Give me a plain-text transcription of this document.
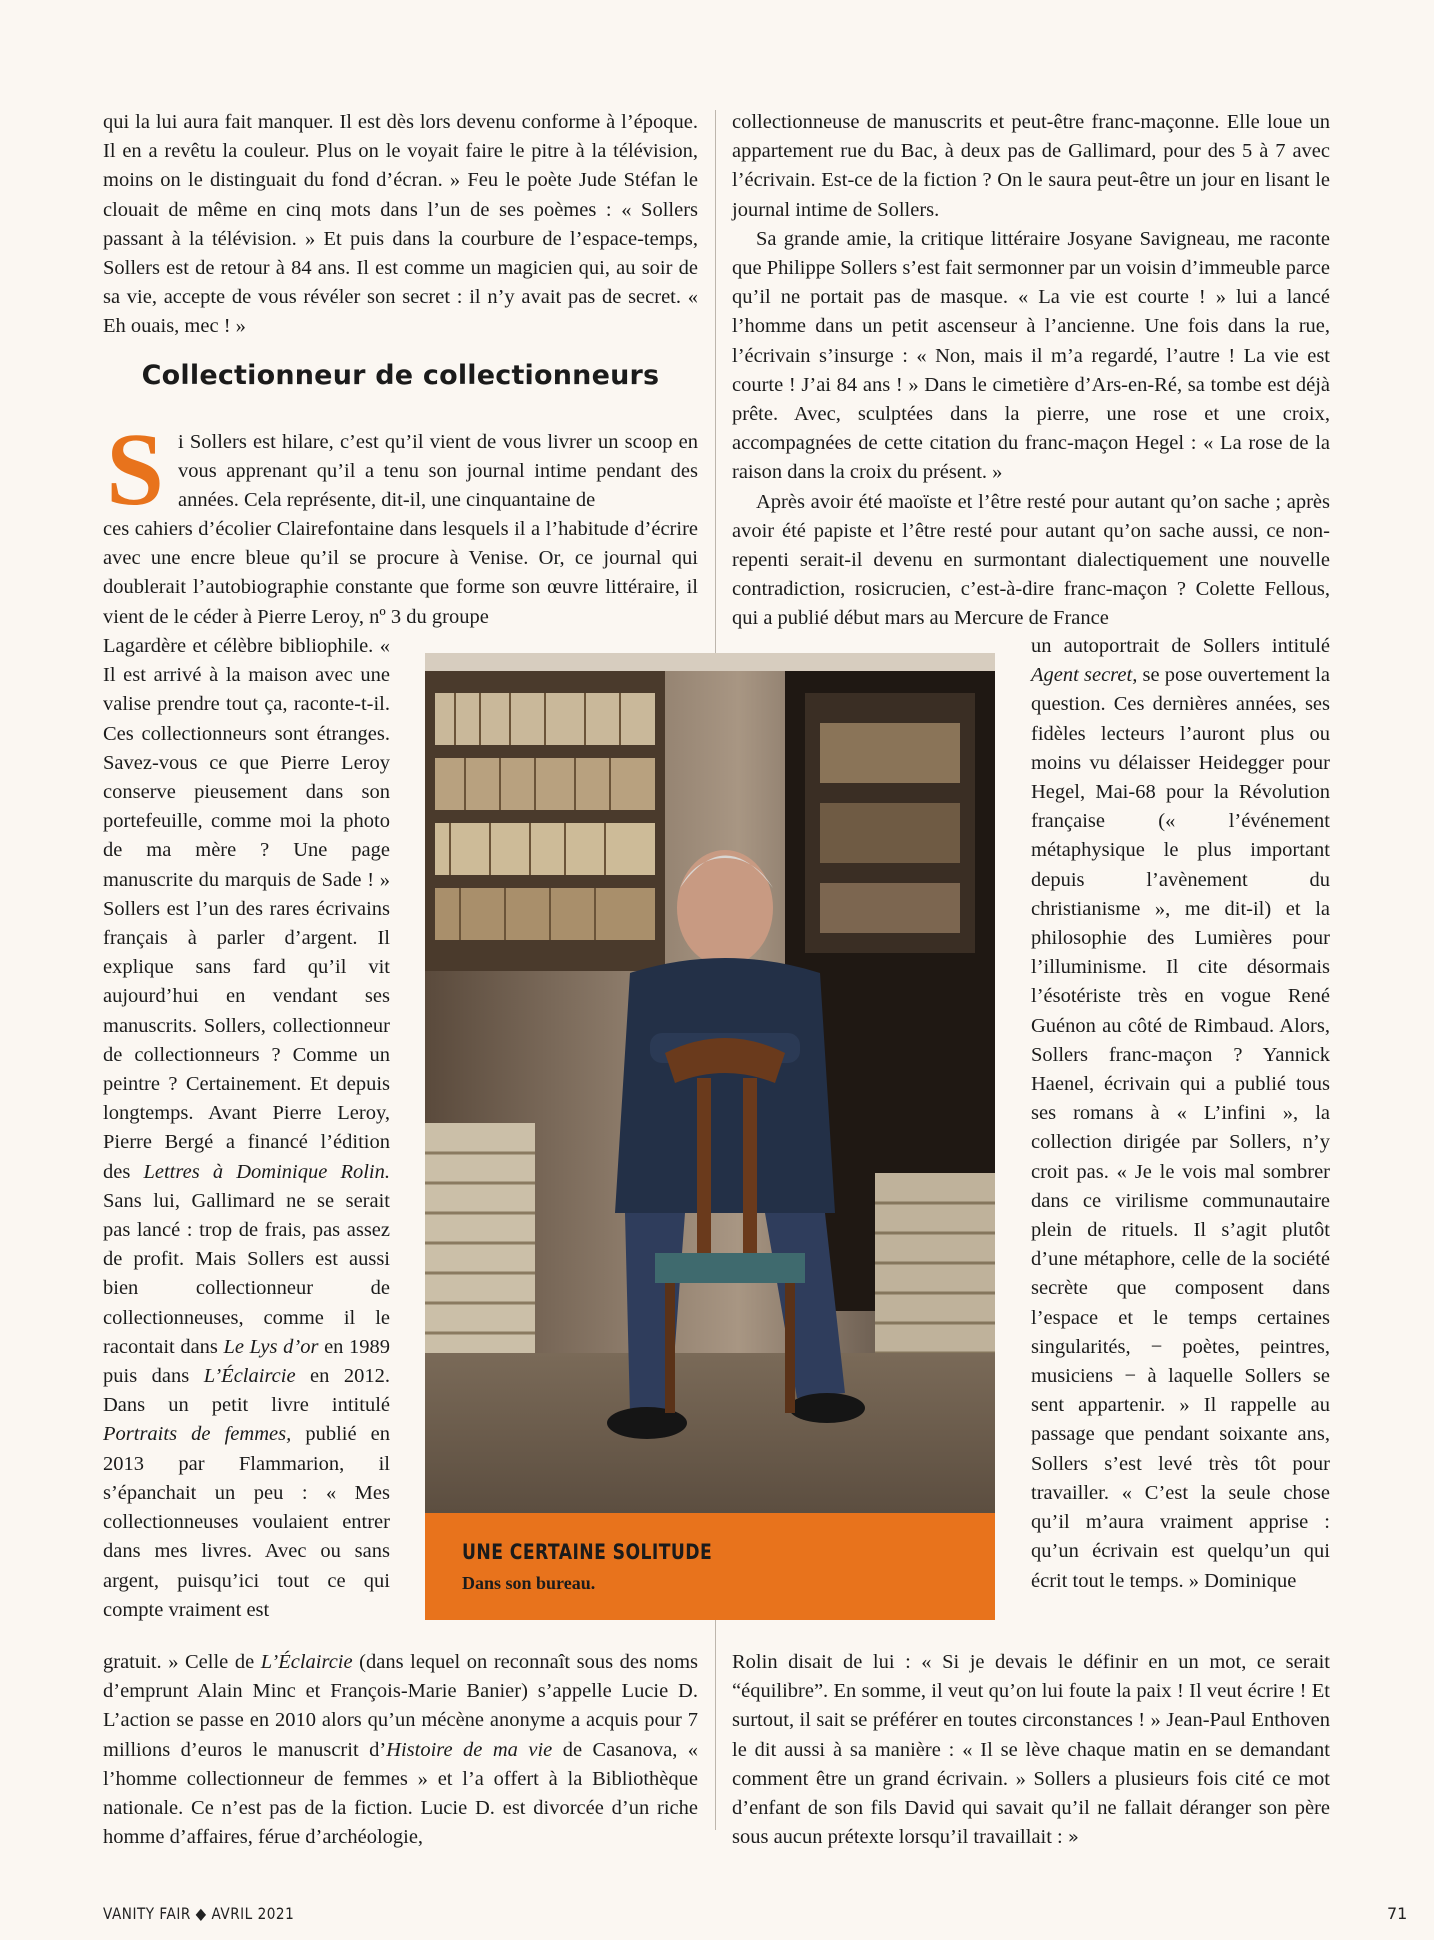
qui la lui aura fait manquer. Il est dès lors devenu conforme à l’époque. Il en a revêtu la couleur. Plus on le voyait faire le pitre à la télévision, moins on le distinguait du fond d’écran. » Feu le poète Jude Stéfan le clouait de même en cinq mots dans l’un de ses poèmes : « Sollers passant à la télévision. » Et puis dans la courbure de l’espace-temps, Sollers est de retour à 84 ans. Il est comme un magicien qui, au soir de sa vie, accepte de vous révéler son secret : il n’y avait pas de secret. « Eh ouais, mec ! »

Collectionneur de collectionneurs
S i Sollers est hilare, c’est qu’il vient de vous livrer un scoop en vous apprenant qu’il a tenu son journal intime pendant des années. Cela représente, dit-il, une cinquantaine de

ces cahiers d’écolier Clairefontaine dans lesquels il a l’habitude d’écrire avec une encre bleue qu’il se procure à Venise. Or, ce journal qui doublerait l’autobiographie constante que forme son œuvre littéraire, il vient de le céder à Pierre Leroy, nº 3 du groupe

Lagardère et célèbre bibliophile. « Il est arrivé à la maison avec une valise prendre tout ça, raconte-t-il. Ces collectionneurs sont étranges. Savez-vous ce que Pierre Leroy conserve pieusement dans son portefeuille, comme moi la photo de ma mère ? Une page manuscrite du marquis de Sade ! » Sollers est l’un des rares écrivains français à parler d’argent. Il explique sans fard qu’il vit aujourd’hui en vendant ses manuscrits. Sollers, collectionneur de collectionneurs ? Comme un peintre ? Certainement. Et depuis longtemps. Avant Pierre Leroy, Pierre Bergé a financé l’édition des Lettres à Dominique Rolin. Sans lui, Gallimard ne se serait pas lancé : trop de frais, pas assez de profit. Mais Sollers est aussi bien collectionneur de collectionneuses, comme il le racontait dans Le Lys d’or en 1989 puis dans L’Éclaircie en 2012. Dans un petit livre intitulé Portraits de femmes, publié en 2013 par Flammarion, il s’épanchait un peu : « Mes collectionneuses voulaient entrer dans mes livres. Avec ou sans argent, puisqu’ici tout ce qui compte vraiment est

gratuit. » Celle de L’Éclaircie (dans lequel on reconnaît sous des noms d’emprunt Alain Minc et François-Marie Banier) s’appelle Lucie D. L’action se passe en 2010 alors qu’un mécène anonyme a acquis pour 7 millions d’euros le manuscrit d’Histoire de ma vie de Casanova, « l’homme collectionneur de femmes » et l’a offert à la Bibliothèque nationale. Ce n’est pas de la fiction. Lucie D. est divorcée d’un riche homme d’affaires, férue d’archéologie,

collectionneuse de manuscrits et peut-être franc-maçonne. Elle loue un appartement rue du Bac, à deux pas de Gallimard, pour des 5 à 7 avec l’écrivain. Est-ce de la fiction ? On le saura peut-être un jour en lisant le journal intime de Sollers.

Sa grande amie, la critique littéraire Josyane Savigneau, me raconte que Philippe Sollers s’est fait sermonner par un voisin d’immeuble parce qu’il ne portait pas de masque. « La vie est courte ! » lui a lancé l’homme dans un petit ascenseur à l’ancienne. Une fois dans la rue, l’écrivain s’insurge : « Non, mais il m’a regardé, l’autre ! La vie est courte ! J’ai 84 ans ! » Dans le cimetière d’Ars-en-Ré, sa tombe est déjà prête. Avec, sculptées dans la pierre, une rose et une croix, accompagnées de cette citation du franc-maçon Hegel : « La rose de la raison dans la croix du présent. »

Après avoir été maoïste et l’être resté pour autant qu’on sache ; après avoir été papiste et l’être resté pour autant qu’on sache aussi, ce non-repenti serait-il devenu en surmontant dialectiquement une nouvelle contradiction, rosicrucien, c’est-à-dire franc-maçon ? Colette Fellous, qui a publié début mars au Mercure de France

un autoportrait de Sollers intitulé Agent secret, se pose ouvertement la question. Ces dernières années, ses fidèles lecteurs l’auront plus ou moins vu délaisser Heidegger pour Hegel, Mai-68 pour la Révolution française (« l’événement métaphysique le plus important depuis l’avènement du christianisme », me dit-il) et la philosophie des Lumières pour l’illuminisme. Il cite désormais l’ésotériste très en vogue René Guénon au côté de Rimbaud. Alors, Sollers franc-maçon ? Yannick Haenel, écrivain qui a publié tous ses romans à « L’infini », la collection dirigée par Sollers, n’y croit pas. « Je le vois mal sombrer dans ce virilisme communautaire plein de rituels. Il s’agit plutôt d’une métaphore, celle de la société secrète que composent dans l’espace et le temps certaines singularités, − poètes, peintres, musiciens − à laquelle Sollers se sent appartenir. » Il rappelle au passage que pendant soixante ans, Sollers s’est levé très tôt pour travailler. « C’est la seule chose qu’il m’aura vraiment apprise : qu’un écrivain est quelqu’un qui écrit tout le temps. » Dominique

Rolin disait de lui : « Si je devais le définir en un mot, ce serait “équilibre”. En somme, il veut qu’on lui foute la paix ! Il veut écrire ! Et surtout, il sait se préférer en toutes circonstances ! » Jean-Paul Enthoven le dit aussi à sa manière : « Il se lève chaque matin en se demandant comment être un grand écrivain. » Sollers a plusieurs fois cité ce mot d’enfant de son fils David qui savait qu’il ne fallait déranger son père sous aucun prétexte lorsqu’il travaillait : »

UNE CERTAINE SOLITUDE
Dans son bureau.
VANITY FAIR ◆ AVRIL 2021	71
